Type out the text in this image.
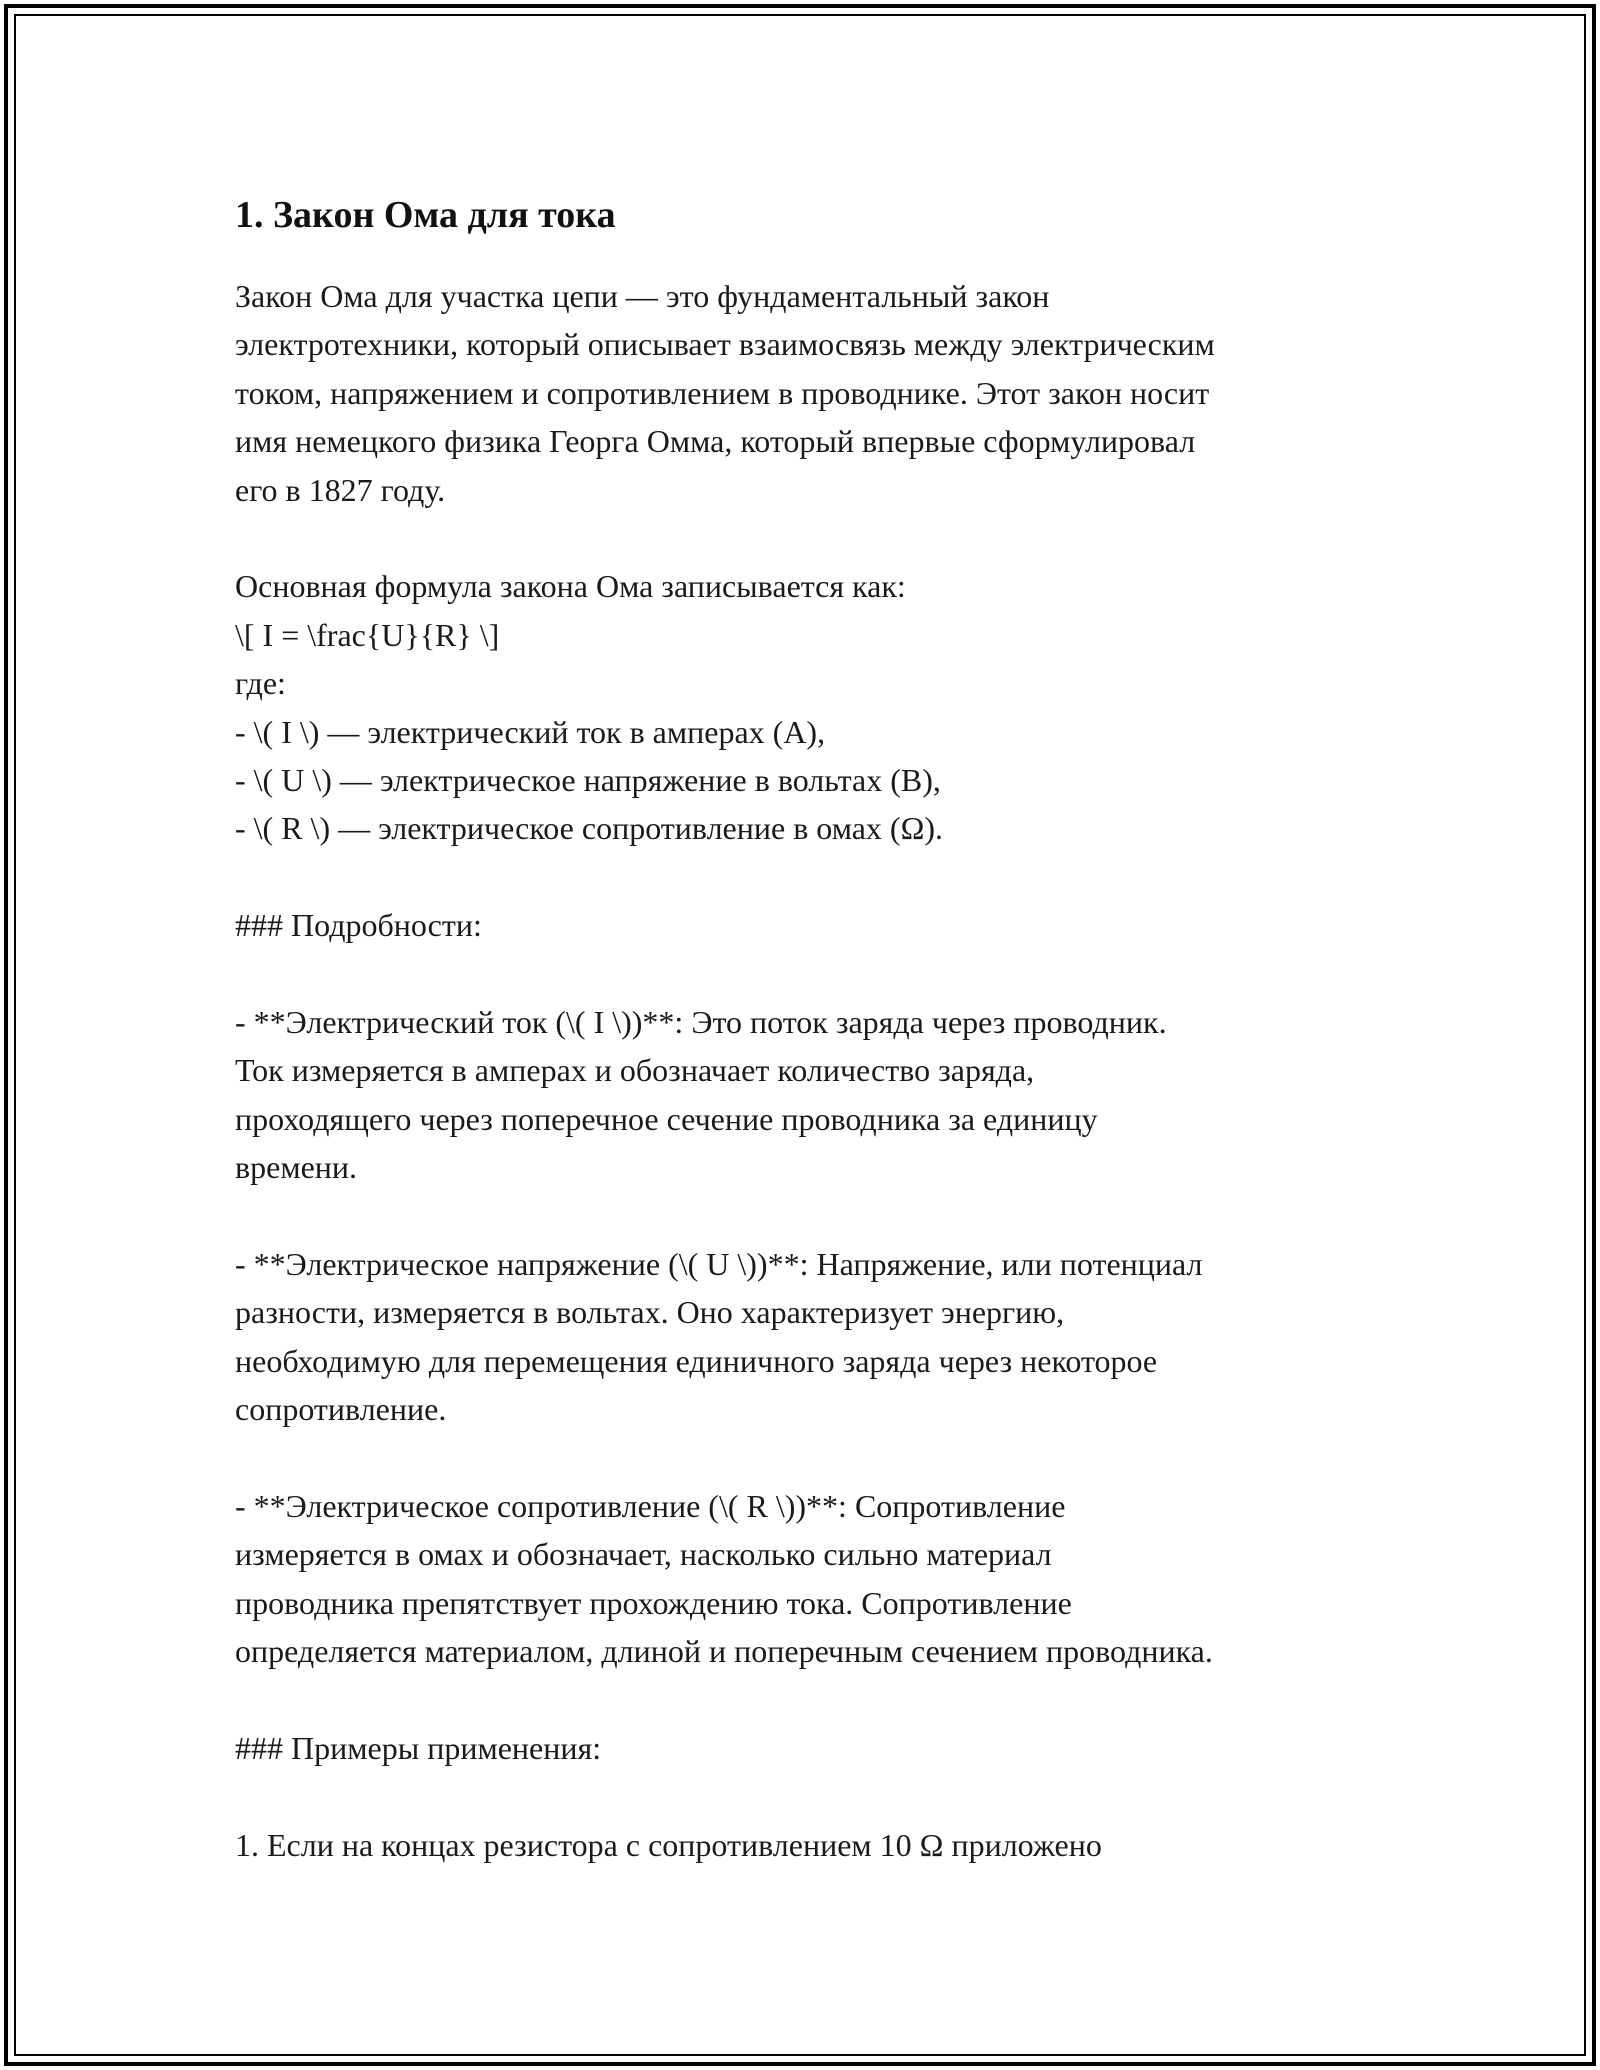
1. Закон Ома для тока

Закон Ома для участка цепи — это фундаментальный закон

электротехники, который описывает взаимосвязь между электрическим

током, напряжением и сопротивлением в проводнике. Этот закон носит

имя немецкого физика Георга Омма, который впервые сформулировал

его в 1827 году.

Основная формула закона Ома записывается как:

\[ I = \frac{U}{R} \]

где:

- \( I \) — электрический ток в амперах (A),

- \( U \) — электрическое напряжение в вольтах (В),

- \( R \) — электрическое сопротивление в омах (Ω).

### Подробности:

- **Электрический ток (\( I \))**: Это поток заряда через проводник.

Ток измеряется в амперах и обозначает количество заряда,

проходящего через поперечное сечение проводника за единицу

времени.

- **Электрическое напряжение (\( U \))**: Напряжение, или потенциал

разности, измеряется в вольтах. Оно характеризует энергию,

необходимую для перемещения единичного заряда через некоторое

сопротивление.

- **Электрическое сопротивление (\( R \))**: Сопротивление

измеряется в омах и обозначает, насколько сильно материал

проводника препятствует прохождению тока. Сопротивление

определяется материалом, длиной и поперечным сечением проводника.

### Примеры применения:

1. Если на концах резистора с сопротивлением 10 Ω приложено
